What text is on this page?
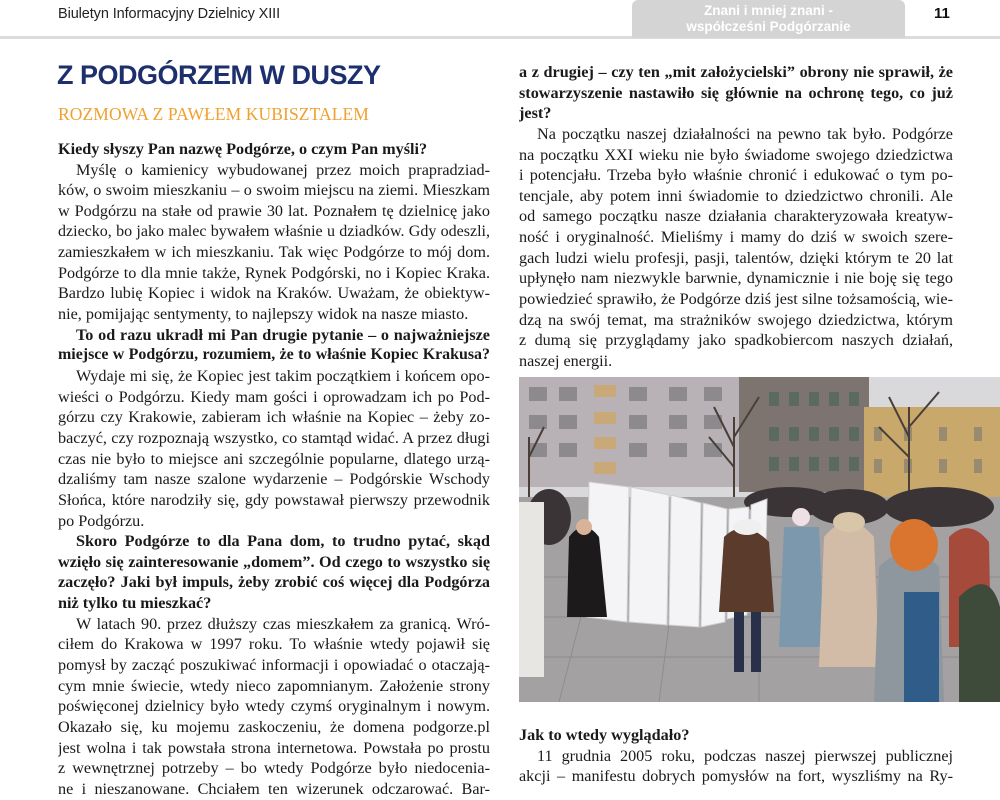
Biuletyn Informacyjny Dzielnicy XIII	Znani i mniej znani -
współcześni Podgórzanie
11
Z PODGÓRZEM W DUSZY
ROZMOWA Z PAWŁEM KUBISZTALEM
Kiedy słyszy Pan nazwę Podgórze, o czym Pan myśli?
Myślę o kamienicy wybudowanej przez moich prapradziad-
ków, o swoim mieszkaniu – o swoim miejscu na ziemi. Mieszkam
w Podgórzu na stałe od prawie 30 lat. Poznałem tę dzielnicę jako
dziecko, bo jako malec bywałem właśnie u dziadków. Gdy odeszli,
zamieszkałem w ich mieszkaniu. Tak więc Podgórze to mój dom.
Podgórze to dla mnie także, Rynek Podgórski, no i Kopiec Kraka.
Bardzo lubię Kopiec i widok na Kraków. Uważam, że obiektyw-
nie, pomijając sentymenty, to najlepszy widok na nasze miasto.
To od razu ukradł mi Pan drugie pytanie – o najważniejsze
miejsce w Podgórzu, rozumiem, że to właśnie Kopiec Krakusa?
Wydaje mi się, że Kopiec jest takim początkiem i końcem opo-
wieści o Podgórzu. Kiedy mam gości i oprowadzam ich po Pod-
górzu czy Krakowie, zabieram ich właśnie na Kopiec – żeby zo-
baczyć, czy rozpoznają wszystko, co stamtąd widać. A przez długi
czas nie było to miejsce ani szczególnie popularne, dlatego urzą-
dzaliśmy tam nasze szalone wydarzenie – Podgórskie Wschody
Słońca, które narodziły się, gdy powstawał pierwszy przewodnik
po Podgórzu.
Skoro Podgórze to dla Pana dom, to trudno pytać, skąd
wzięło się zainteresowanie „domem”. Od czego to wszystko się
zaczęło? Jaki był impuls, żeby zrobić coś więcej dla Podgórza
niż tylko tu mieszkać?
W latach 90. przez dłuższy czas mieszkałem za granicą. Wró-
ciłem do Krakowa w 1997 roku. To właśnie wtedy pojawił się
pomysł by zacząć poszukiwać informacji i opowiadać o otaczają-
cym mnie świecie, wtedy nieco zapomnianym. Założenie strony
poświęconej dzielnicy było wtedy czymś oryginalnym i nowym.
Okazało się, ku mojemu zaskoczeniu, że domena podgorze.pl
jest wolna i tak powstała strona internetowa. Powstała po prostu
z wewnętrznej potrzeby – bo wtedy Podgórze było niedocenia-
ne i nieszanowane. Chciałem ten wizerunek odczarować. Bar-
a z drugiej – czy ten „mit założycielski” obrony nie sprawił, że
stowarzyszenie nastawiło się głównie na ochronę tego, co już
jest?
Na początku naszej działalności na pewno tak było. Podgórze
na początku XXI wieku nie było świadome swojego dziedzictwa
i potencjału. Trzeba było właśnie chronić i edukować o tym po-
tencjale, aby potem inni świadomie to dziedzictwo chronili. Ale
od samego początku nasze działania charakteryzowała kreatyw-
ność i oryginalność. Mieliśmy i mamy do dziś w swoich szere-
gach ludzi wielu profesji, pasji, talentów, dzięki którym te 20 lat
upłynęło nam niezwykle barwnie, dynamicznie i nie boję się tego
powiedzieć sprawiło, że Podgórze dziś jest silne tożsamością, wie-
dzą na swój temat, ma strażników swojego dziedzictwa, którym
z dumą się przyglądamy jako spadkobiercom naszych działań,
naszej energii.
Jak to wtedy wyglądało?
11 grudnia 2005 roku, podczas naszej pierwszej publicznej
akcji – manifestu dobrych pomysłów na fort, wyszliśmy na Ry-
